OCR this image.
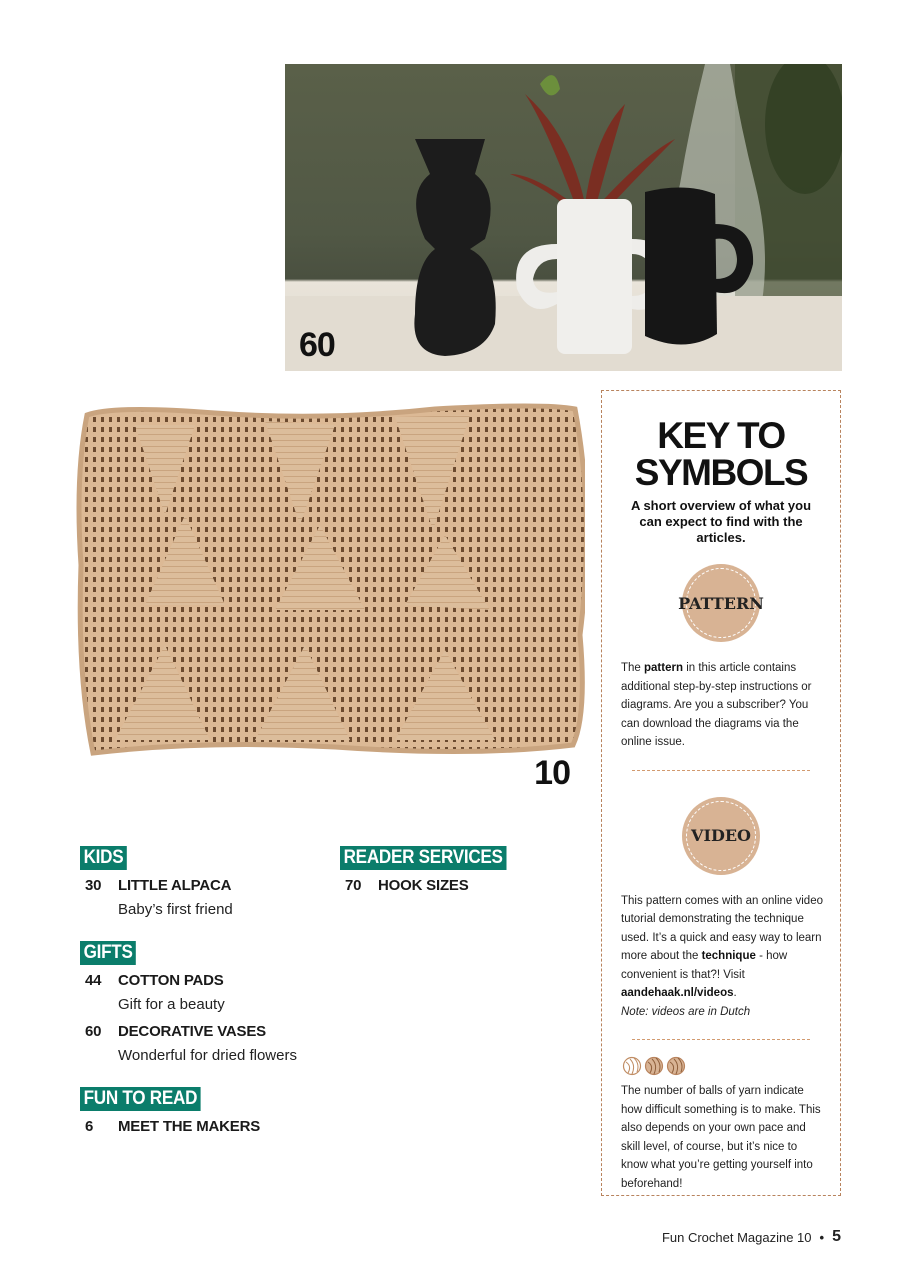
60
10
KIDS
30	LITTLE ALPACA
Baby’s first friend
GIFTS
44	COTTON PADS
Gift for a beauty
60	DECORATIVE VASES
Wonderful for dried flowers
FUN TO READ
6	MEET THE MAKERS
READER SERVICES
70	HOOK SIZES
KEY TO
SYMBOLS
A short overview of what you can expect to find with the articles.
PATTERN
The pattern in this article contains additional step-by-step instructions or diagrams. Are you a subscriber? You can download the diagrams via the online issue.
VIDEO
This pattern comes with an online video tutorial demonstrating the technique used. It’s a quick and easy way to learn more about the technique - how convenient is that?! Visit aandehaak.nl/videos.
Note: videos are in Dutch
The number of balls of yarn indicate how difficult something is to make. This also depends on your own pace and skill level, of course, but it’s nice to know what you’re getting yourself into beforehand!
Fun Crochet Magazine 10 • 5
